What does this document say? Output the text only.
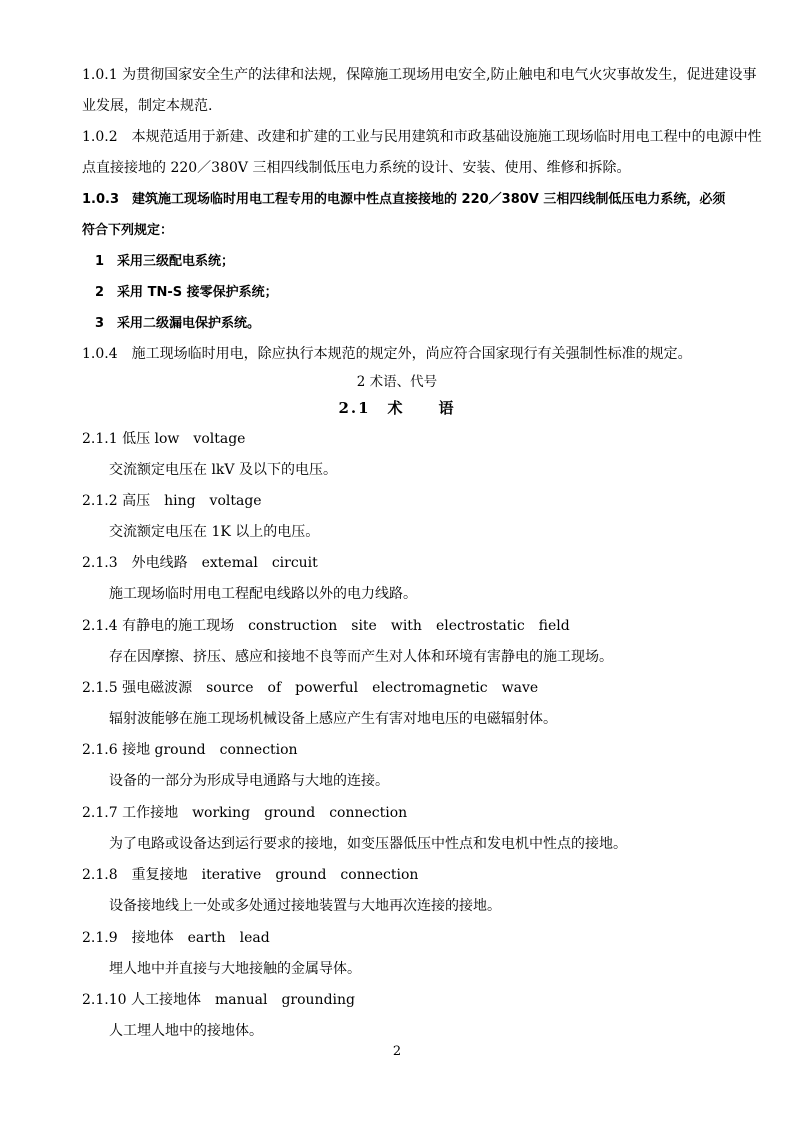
1.0.1 为贯彻国家安全生产的法律和法规，保障施工现场用电安全,防止触电和电气火灾事故发生，促进建设事
业发展，制定本规范.
1.0.2　本规范适用于新建、改建和扩建的工业与民用建筑和市政基础设施施工现场临时用电工程中的电源中性
点直接接地的 220／380V 三相四线制低压电力系统的设计、安装、使用、维修和拆除。
1.0.3　建筑施工现场临时用电工程专用的电源中性点直接接地的 220／380V 三相四线制低压电力系统，必须
符合下列规定：
1　采用三级配电系统；
2　采用 TN-S 接零保护系统；
3　采用二级漏电保护系统。
1.0.4　施工现场临时用电，除应执行本规范的规定外，尚应符合国家现行有关强制性标准的规定。
2 术语、代号
2.1　术　　语
2.1.1 低压 low　voltage
交流额定电压在 lkV 及以下的电压。
2.1.2 高压　hing　voltage
交流额定电压在 1K 以上的电压。
2.1.3　外电线路　extemal　circuit
施工现场临时用电工程配电线路以外的电力线路。
2.1.4 有静电的施工现场　construction　site　with　electrostatic　field
存在因摩擦、挤压、感应和接地不良等而产生对人体和环境有害静电的施工现场。
2.1.5 强电磁波源　source　of　powerful　electromagnetic　wave
辐射波能够在施工现场机械设备上感应产生有害对地电压的电磁辐射体。
2.1.6 接地 ground　connection
设备的一部分为形成导电通路与大地的连接。
2.1.7 工作接地　working　ground　connection
为了电路或设备达到运行要求的接地，如变压器低压中性点和发电机中性点的接地。
2.1.8　重复接地　iterative　ground　connection
设备接地线上一处或多处通过接地装置与大地再次连接的接地。
2.1.9　接地体　earth　lead
埋人地中并直接与大地接触的金属导体。
2.1.10 人工接地体　manual　grounding
人工埋人地中的接地体。
2
